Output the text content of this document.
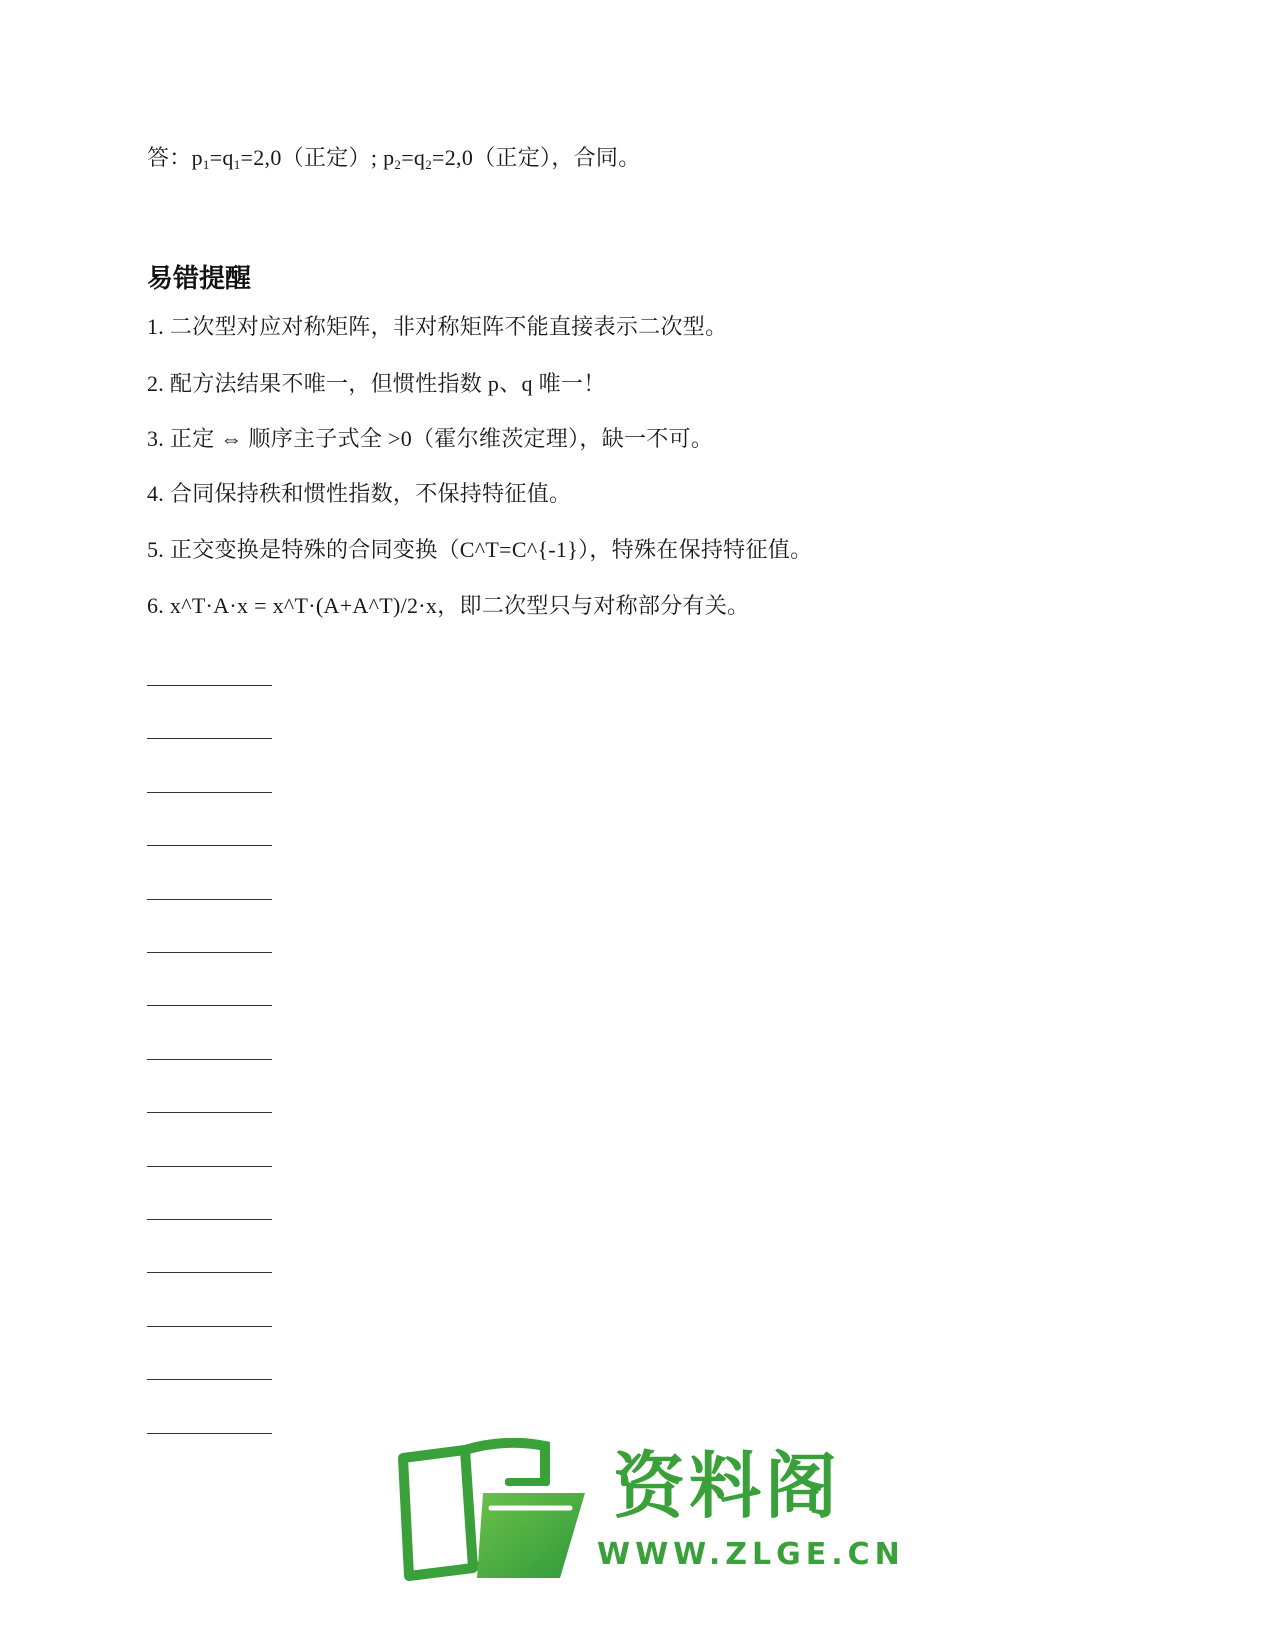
答：$p_1=q_1=2,0$（正定）; $p_2=q_2=2,0$（正定），合同。
易错提醒
1. 二次型对应对称矩阵，非对称矩阵不能直接表示二次型。
2. 配方法结果不唯一，但惯性指数 p、q 唯一！
3. 正定 ⇔ 顺序主子式全 >0（霍尔维茨定理），缺一不可。
4. 合同保持秩和惯性指数，不保持特征值。
5. 正交变换是特殊的合同变换（C^T=C^{-1}），特殊在保持特征值。
6. x^T·A·x = x^T·(A+A^T)/2·x，即二次型只与对称部分有关。
资料阁
WWW.ZLGE.CN
